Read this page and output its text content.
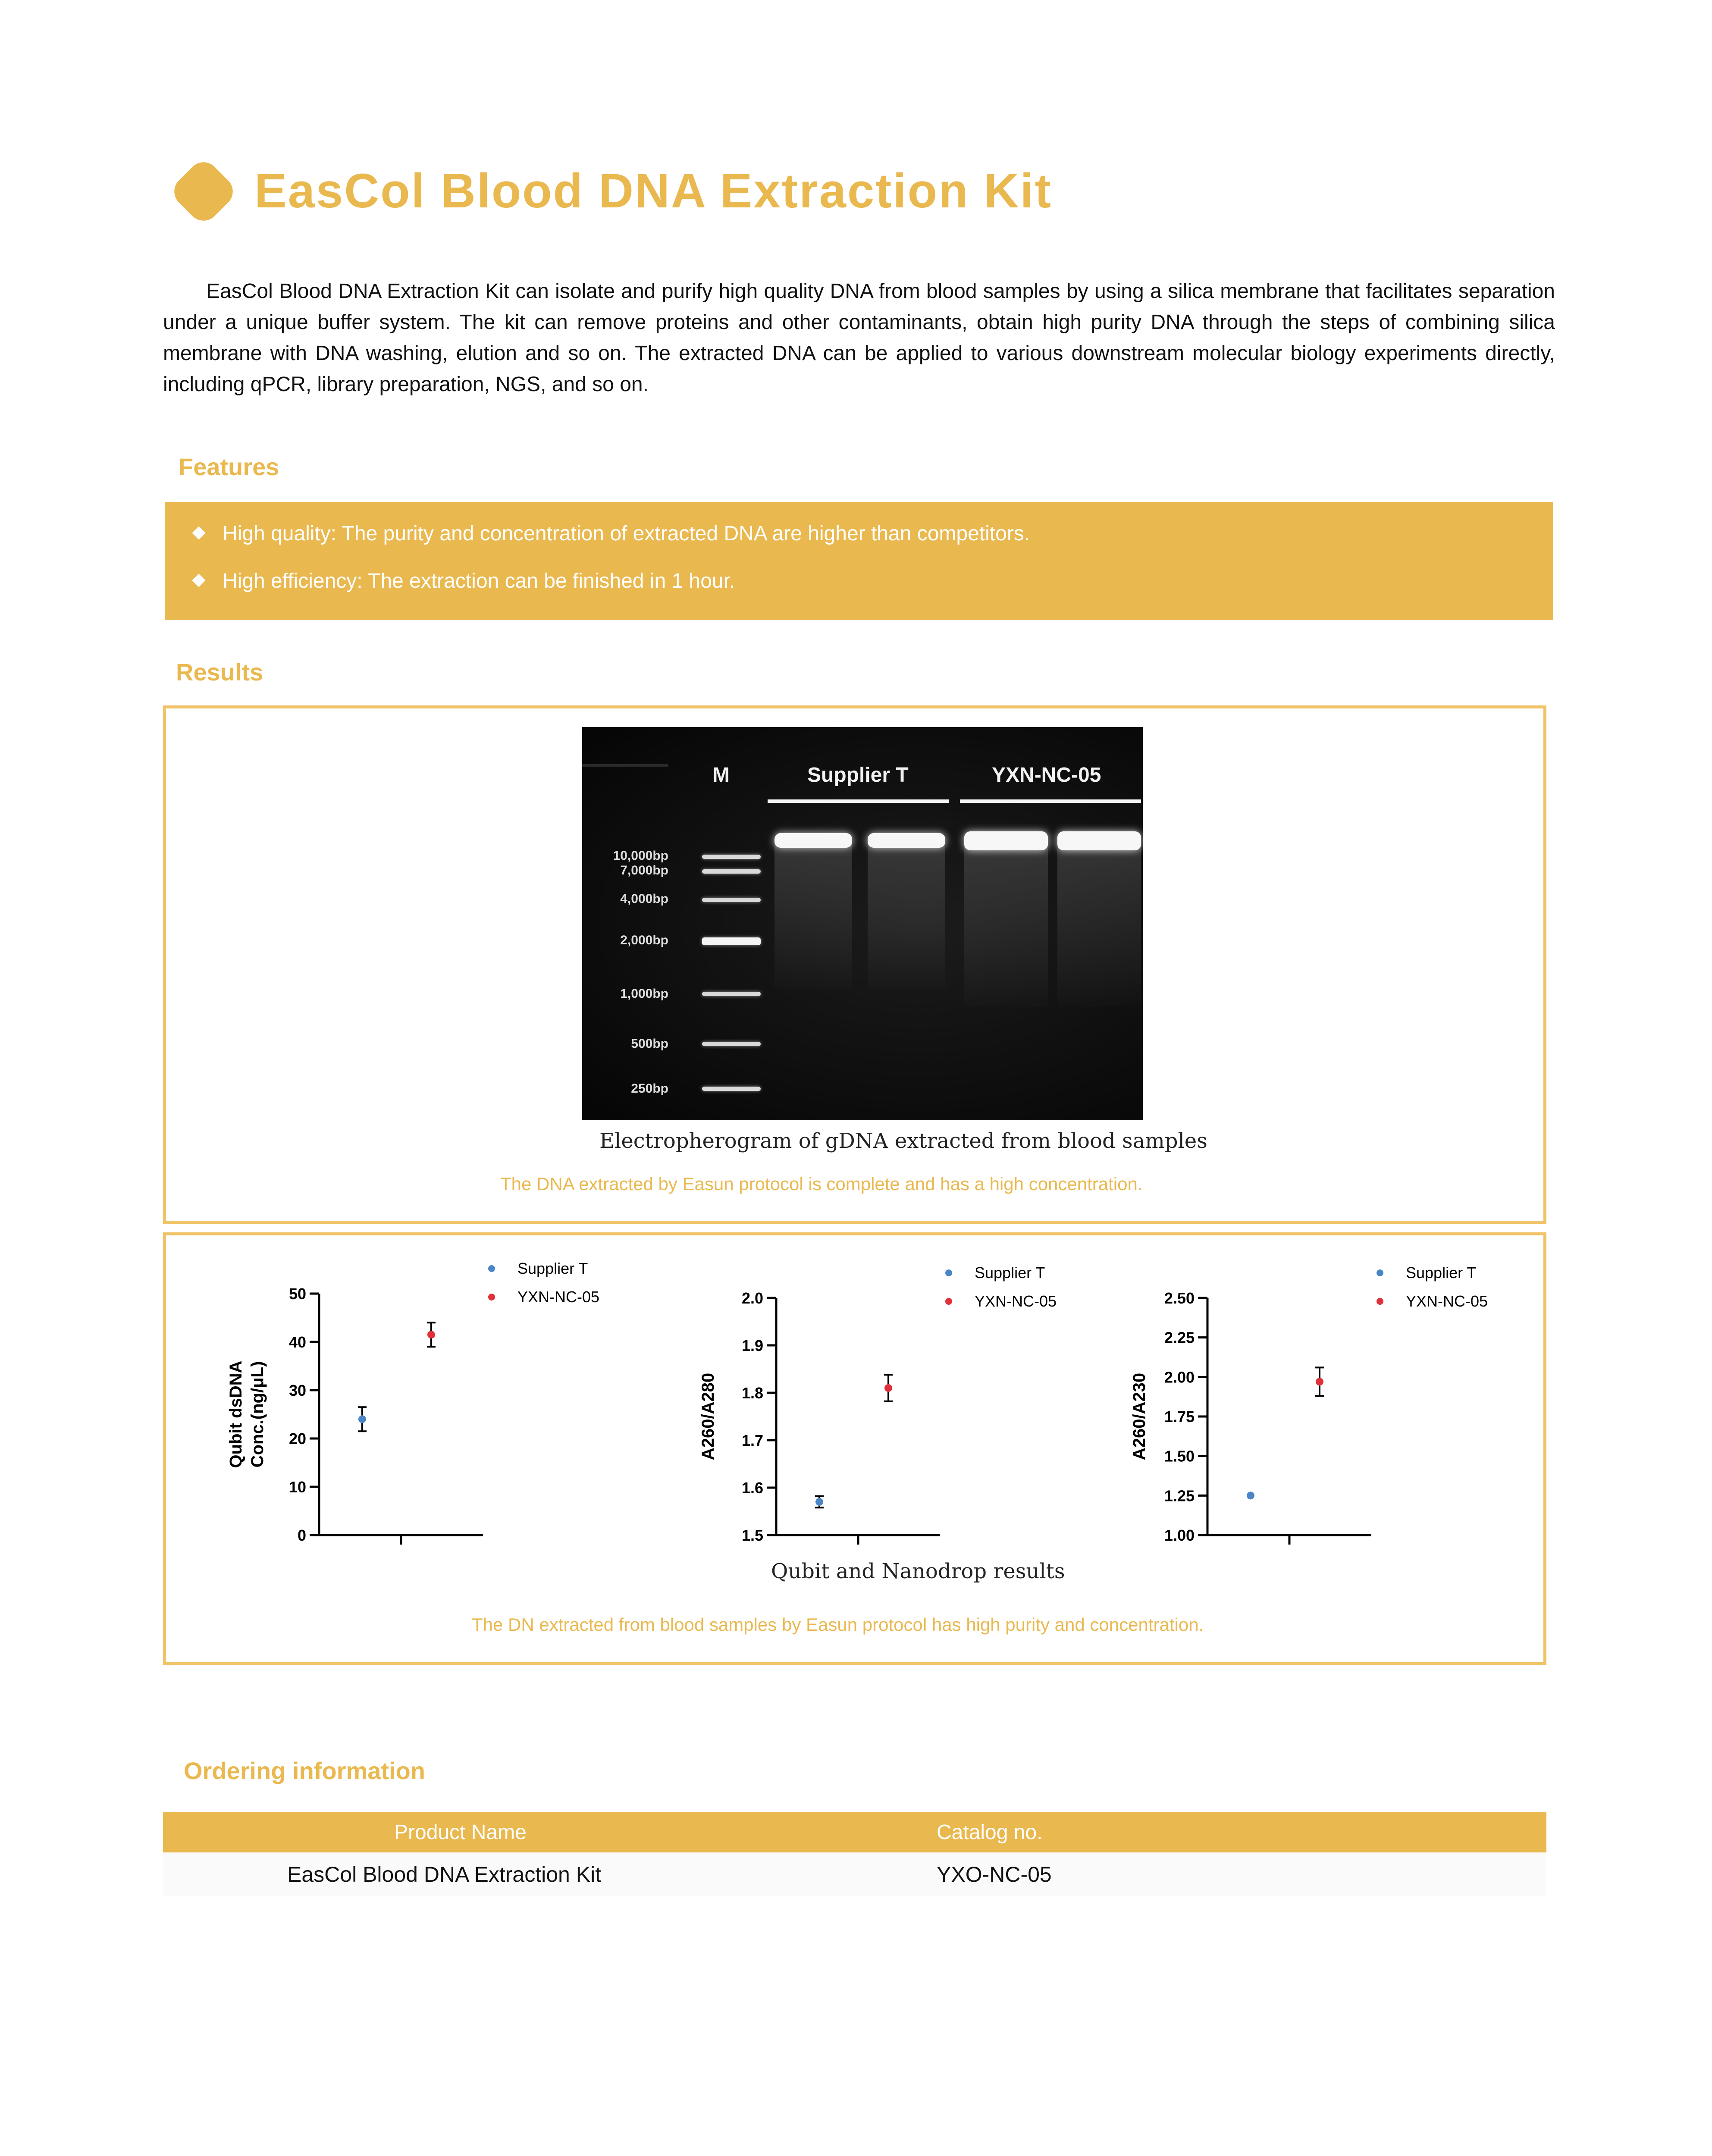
EasCol Blood DNA Extraction Kit
EasCol Blood DNA Extraction Kit can isolate and purify high quality DNA from blood samples by using a silica membrane that facilitates separation under a unique buffer system. The kit can remove proteins and other contaminants, obtain high purity DNA through the steps of combining silica membrane with DNA washing, elution and so on. The extracted DNA can be applied to various downstream molecular biology experiments directly, including qPCR, library preparation, NGS, and so on.
Features
High quality: The purity and concentration of extracted DNA are higher than competitors.
High efficiency: The extraction can be finished in 1 hour.
Results
M	Supplier T	YXN-NC-05
10,000bp
7,000bp
4,000bp
2,000bp
1,000bp
500bp
250bp
Electropherogram of gDNA extracted from blood samples
The DNA extracted by Easun protocol is complete and has a high concentration.
0
10
20
30
40
50
Qubit dsDNA Conc.(ng/μL)
Supplier T
YXN-NC-05
1.5
1.6
1.7
1.8
1.9
2.0
A260/A280
Supplier T
YXN-NC-05
1.00
1.25
1.50
1.75
2.00
2.25
2.50
A260/A230
Supplier T
YXN-NC-05
Qubit and Nanodrop results
The DN extracted from blood samples by Easun protocol has high purity and concentration.
Ordering information
Product Name	Catalog no.
EasCol Blood DNA Extraction Kit	YXO-NC-05
